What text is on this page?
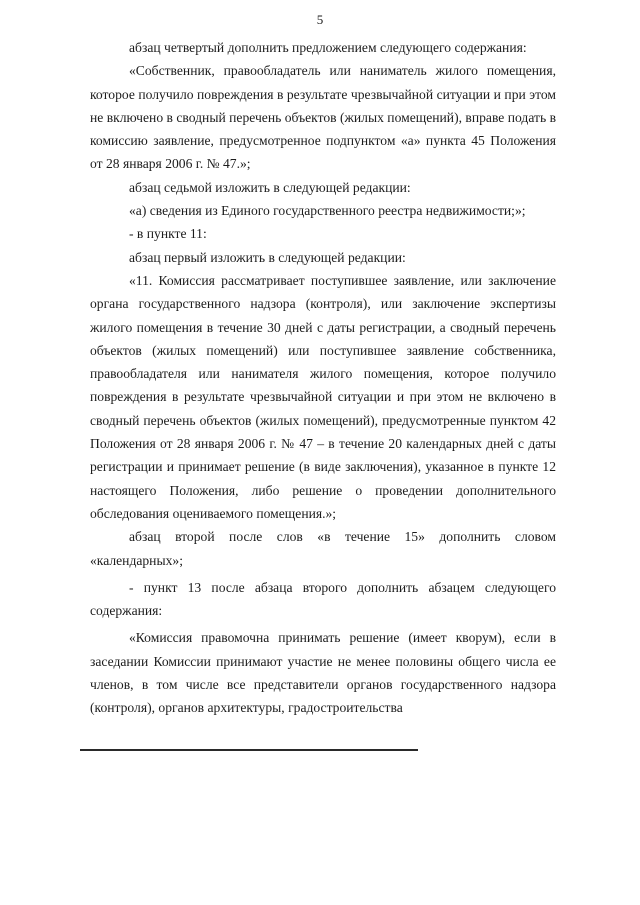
5

абзац четвертый дополнить предложением следующего содержания:

«Собственник, правообладатель или наниматель жилого помещения, которое получило повреждения в результате чрезвычайной ситуации и при этом не включено в сводный перечень объектов (жилых помещений), вправе подать в комиссию заявление, предусмотренное подпунктом «а» пункта 45 Положения от 28 января 2006 г. № 47.»;

абзац седьмой изложить в следующей редакции:

«а) сведения из Единого государственного реестра недвижимости;»;

- в пункте 11:

абзац первый изложить в следующей редакции:

«11. Комиссия рассматривает поступившее заявление, или заключение органа государственного надзора (контроля), или заключение экспертизы жилого помещения в течение 30 дней с даты регистрации, а сводный перечень объектов (жилых помещений) или поступившее заявление собственника, правообладателя или нанимателя жилого помещения, которое получило повреждения в результате чрезвычайной ситуации и при этом не включено в сводный перечень объектов (жилых помещений), предусмотренные пунктом 42 Положения от 28 января 2006 г. № 47 – в течение 20 календарных дней с даты регистрации и принимает решение (в виде заключения), указанное в пункте 12 настоящего Положения, либо решение о проведении дополнительного обследования оцениваемого помещения.»;

абзац второй после слов «в течение 15» дополнить словом «календарных»;

- пункт 13 после абзаца второго дополнить абзацем следующего содержания:

«Комиссия правомочна принимать решение (имеет кворум), если в заседании Комиссии принимают участие не менее половины общего числа ее членов, в том числе все представители органов государственного надзора (контроля), органов архитектуры, градостроительства
